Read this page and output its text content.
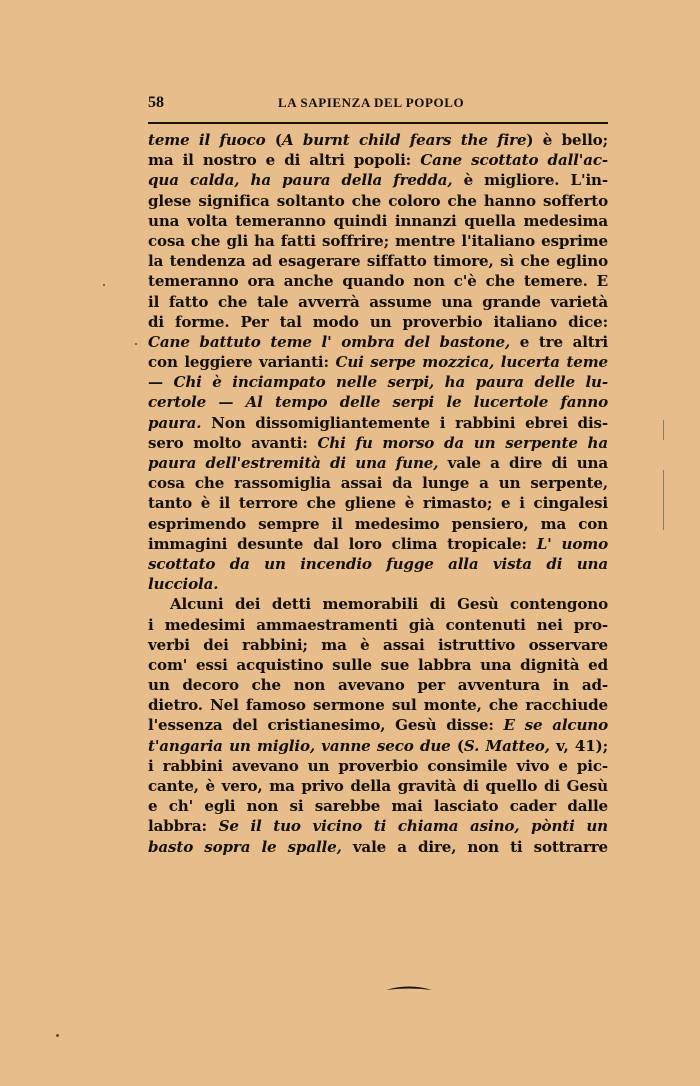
58	LA SAPIENZA DEL POPOLO
teme il fuoco (A burnt child fears the fire) è bello;
ma il nostro e di altri popoli: Cane scottato dall'ac-
qua calda, ha paura della fredda, è migliore. L'in-
glese significa soltanto che coloro che hanno sofferto
una volta temeranno quindi innanzi quella medesima
cosa che gli ha fatti soffrire; mentre l'italiano esprime
la tendenza ad esagerare siffatto timore, sì che eglino
temeranno ora anche quando non c'è che temere. E
il fatto che tale avverrà assume una grande varietà
di forme. Per tal modo un proverbio italiano dice:
Cane battuto teme l' ombra del bastone, e tre altri
con leggiere varianti: Cui serpe mozzica, lucerta teme
— Chi è inciampato nelle serpi, ha paura delle lu-
certole — Al tempo delle serpi le lucertole fanno
paura. Non dissomigliantemente i rabbini ebrei dis-
sero molto avanti: Chi fu morso da un serpente ha
paura dell'estremità di una fune, vale a dire di una
cosa che rassomiglia assai da lunge a un serpente,
tanto è il terrore che gliene è rimasto; e i cingalesi
esprimendo sempre il medesimo pensiero, ma con
immagini desunte dal loro clima tropicale: L' uomo
scottato da un incendio fugge alla vista di una
lucciola.
Alcuni dei detti memorabili di Gesù contengono
i medesimi ammaestramenti già contenuti nei pro-
verbi dei rabbini; ma è assai istruttivo osservare
com' essi acquistino sulle sue labbra una dignità ed
un decoro che non avevano per avventura in ad-
dietro. Nel famoso sermone sul monte, che racchiude
l'essenza del cristianesimo, Gesù disse: E se alcuno
t'angaria un miglio, vanne seco due (S. Matteo, v, 41);
i rabbini avevano un proverbio consimile vivo e pic-
cante, è vero, ma privo della gravità di quello di Gesù
e ch' egli non si sarebbe mai lasciato cader dalle
labbra: Se il tuo vicino ti chiama asino, pònti un
basto sopra le spalle, vale a dire, non ti sottrarre
